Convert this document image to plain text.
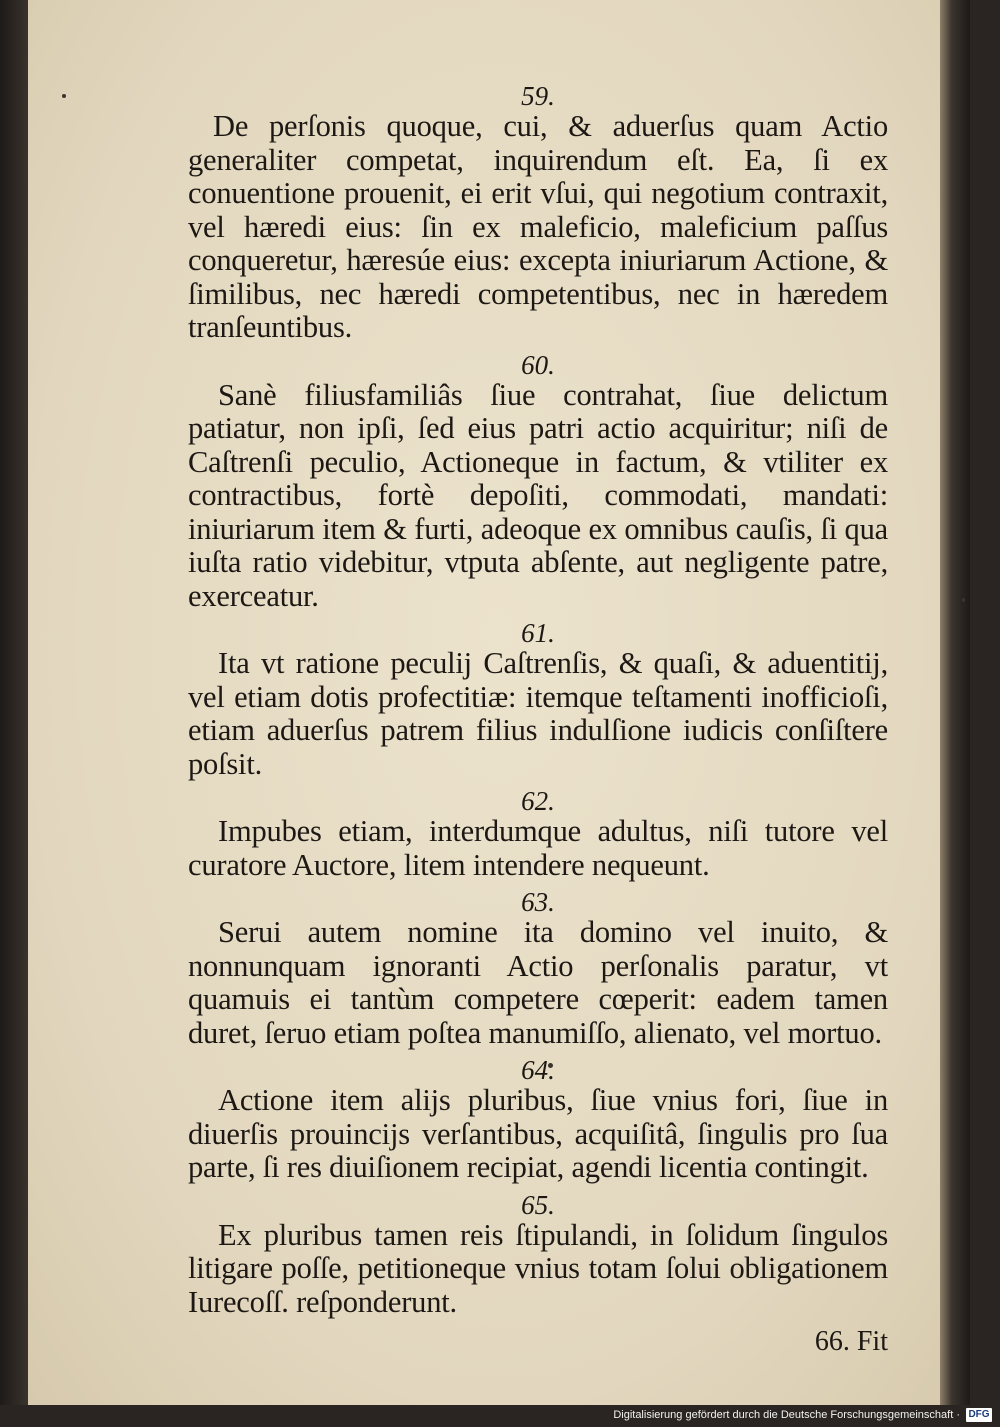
59.

De perſonis quoque, cui, & aduerſus quam Actio generaliter competat, inquirendum eſt. Ea, ſi ex conuentione prouenit, ei erit vſui, qui negotium contraxit, vel hæredi eius: ſin ex maleficio, maleficium paſſus conqueretur, hæresúe eius: excepta iniuriarum Actione, & ſimilibus, nec hæredi competentibus, nec in hæredem tranſeuntibus.

60.

Sanè filiusfamiliâs ſiue contrahat, ſiue delictum patiatur, non ipſi, ſed eius patri actio acquiritur; niſi de Caſtrenſi peculio, Actioneque in factum, & vtiliter ex contractibus, fortè depoſiti, commodati, mandati: iniuriarum item & furti, adeoque ex omnibus cauſis, ſi qua iuſta ratio videbitur, vtputa abſente, aut negligente patre, exerceatur.

61.

Ita vt ratione peculij Caſtrenſis, & quaſi, & aduentitij, vel etiam dotis profectitiæ: itemque teſtamenti inofficioſi, etiam aduerſus patrem filius indulſione iudicis conſiſtere poſsit.

62.

Impubes etiam, interdumque adultus, niſi tutore vel curatore Auctore, litem intendere nequeunt.

63.

Serui autem nomine ita domino vel inuito, & nonnunquam ignoranti Actio perſonalis paratur, vt quamuis ei tantùm competere cœperit: eadem tamen duret, ſeruo etiam poſtea manumiſſo, alienato, vel mortuo.

64.

Actione item alijs pluribus, ſiue vnius fori, ſiue in diuerſis prouincijs verſantibus, acquiſitâ, ſingulis pro ſua parte, ſi res diuiſionem recipiat, agendi licentia contingit.

65.

Ex pluribus tamen reis ſtipulandi, in ſolidum ſingulos litigare poſſe, petitioneque vnius totam ſolui obligationem Iurecoſſ. reſponderunt.

66. Fit
Digitalisierung gefördert durch die Deutsche Forschungsgemeinschaft · DFG
